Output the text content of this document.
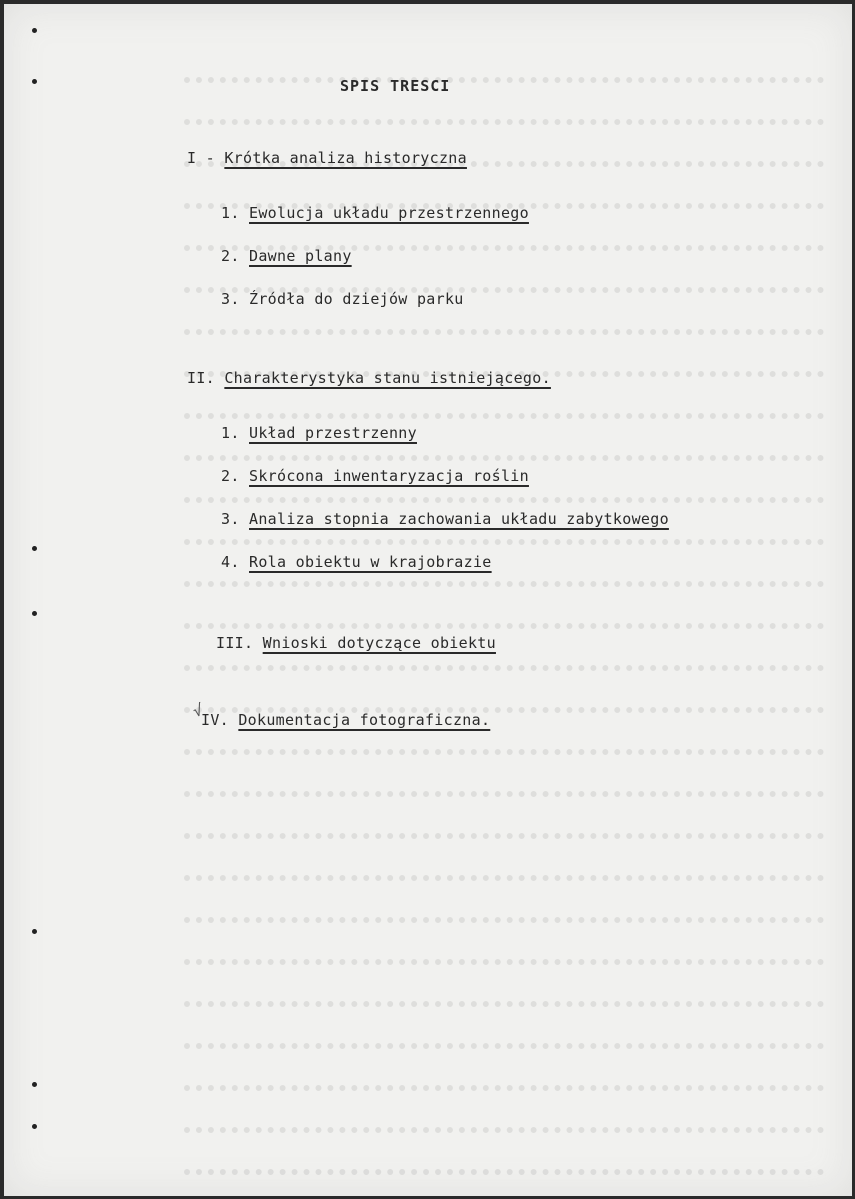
SPIS TRESCI
I - Krótka analiza historyczna
1. Ewolucja układu przestrzennego
2. Dawne plany
3. Źródła do dziejów parku
II. Charakterystyka stanu istniejącego.
1. Układ przestrzenny
2. Skrócona inwentaryzacja roślin
3. Analiza stopnia zachowania układu zabytkowego
4. Rola obiektu w krajobrazie
III. Wnioski dotyczące obiektu
√
IV. Dokumentacja fotograficzna.
